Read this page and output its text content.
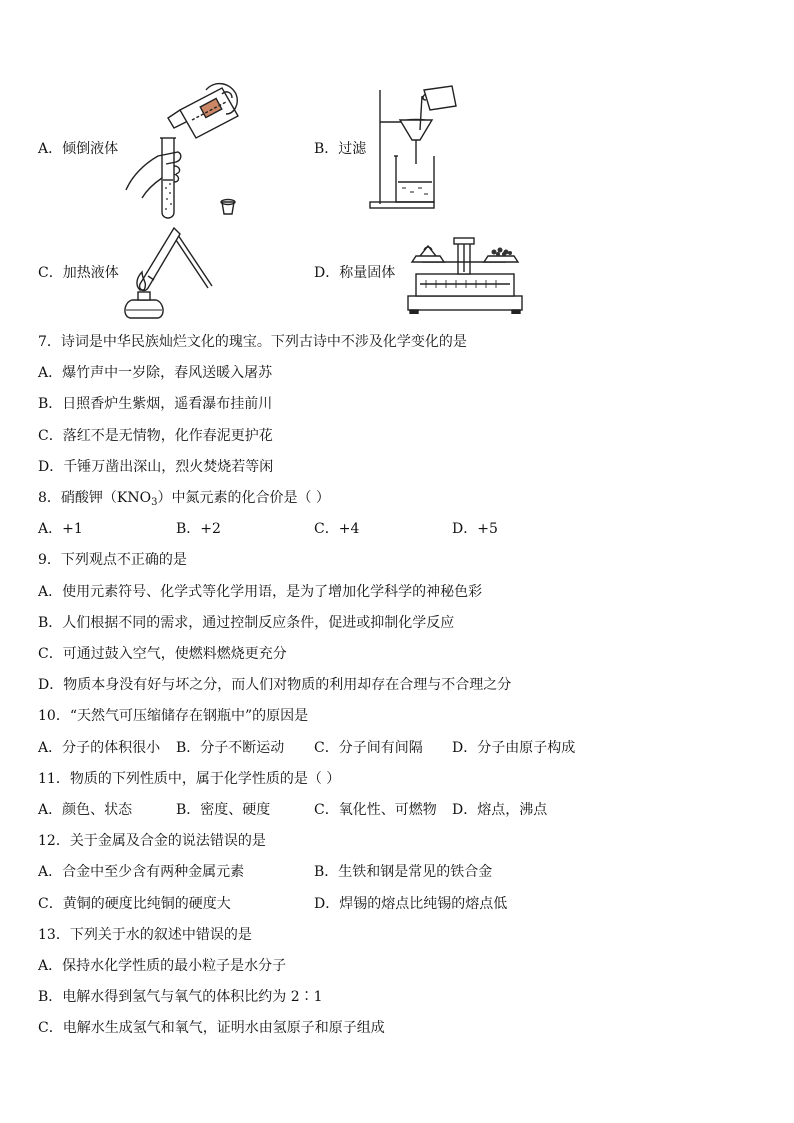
A．倾倒液体	B．过滤
C．加热液体	D．称量固体
7．诗词是中华民族灿烂文化的瑰宝。下列古诗中不涉及化学变化的是
A．爆竹声中一岁除，春风送暖入屠苏
B．日照香炉生紫烟，遥看瀑布挂前川
C．落红不是无情物，化作春泥更护花
D．千锤万凿出深山，烈火焚烧若等闲
8．硝酸钾$(KNO_3)$中氮元素的化合价是（ ）
A．+1	B．+2	C．+4	D．+5
9．下列观点不正确的是
A．使用元素符号、化学式等化学用语，是为了增加化学科学的神秘色彩
B．人们根据不同的需求，通过控制反应条件，促进或抑制化学反应
C．可通过鼓入空气，使燃料燃烧更充分
D．物质本身没有好与坏之分，而人们对物质的利用却存在合理与不合理之分
10．“天然气可压缩储存在钢瓶中”的原因是
A．分子的体积很小 B．分子不断运动 C．分子间有间隔 D．分子由原子构成
11．物质的下列性质中，属于化学性质的是（ ）
A．颜色、状态	B．密度、硬度	C．氧化性、可燃物 D．熔点，沸点
12．关于金属及合金的说法错误的是
A．合金中至少含有两种金属元素	B．生铁和钢是常见的铁合金
C．黄铜的硬度比纯铜的硬度大	D．焊锡的熔点比纯锡的熔点低
13．下列关于水的叙述中错误的是
A．保持水化学性质的最小粒子是水分子
B．电解水得到氢气与氧气的体积比约为 2∶1
C．电解水生成氢气和氧气，证明水由氢原子和原子组成
